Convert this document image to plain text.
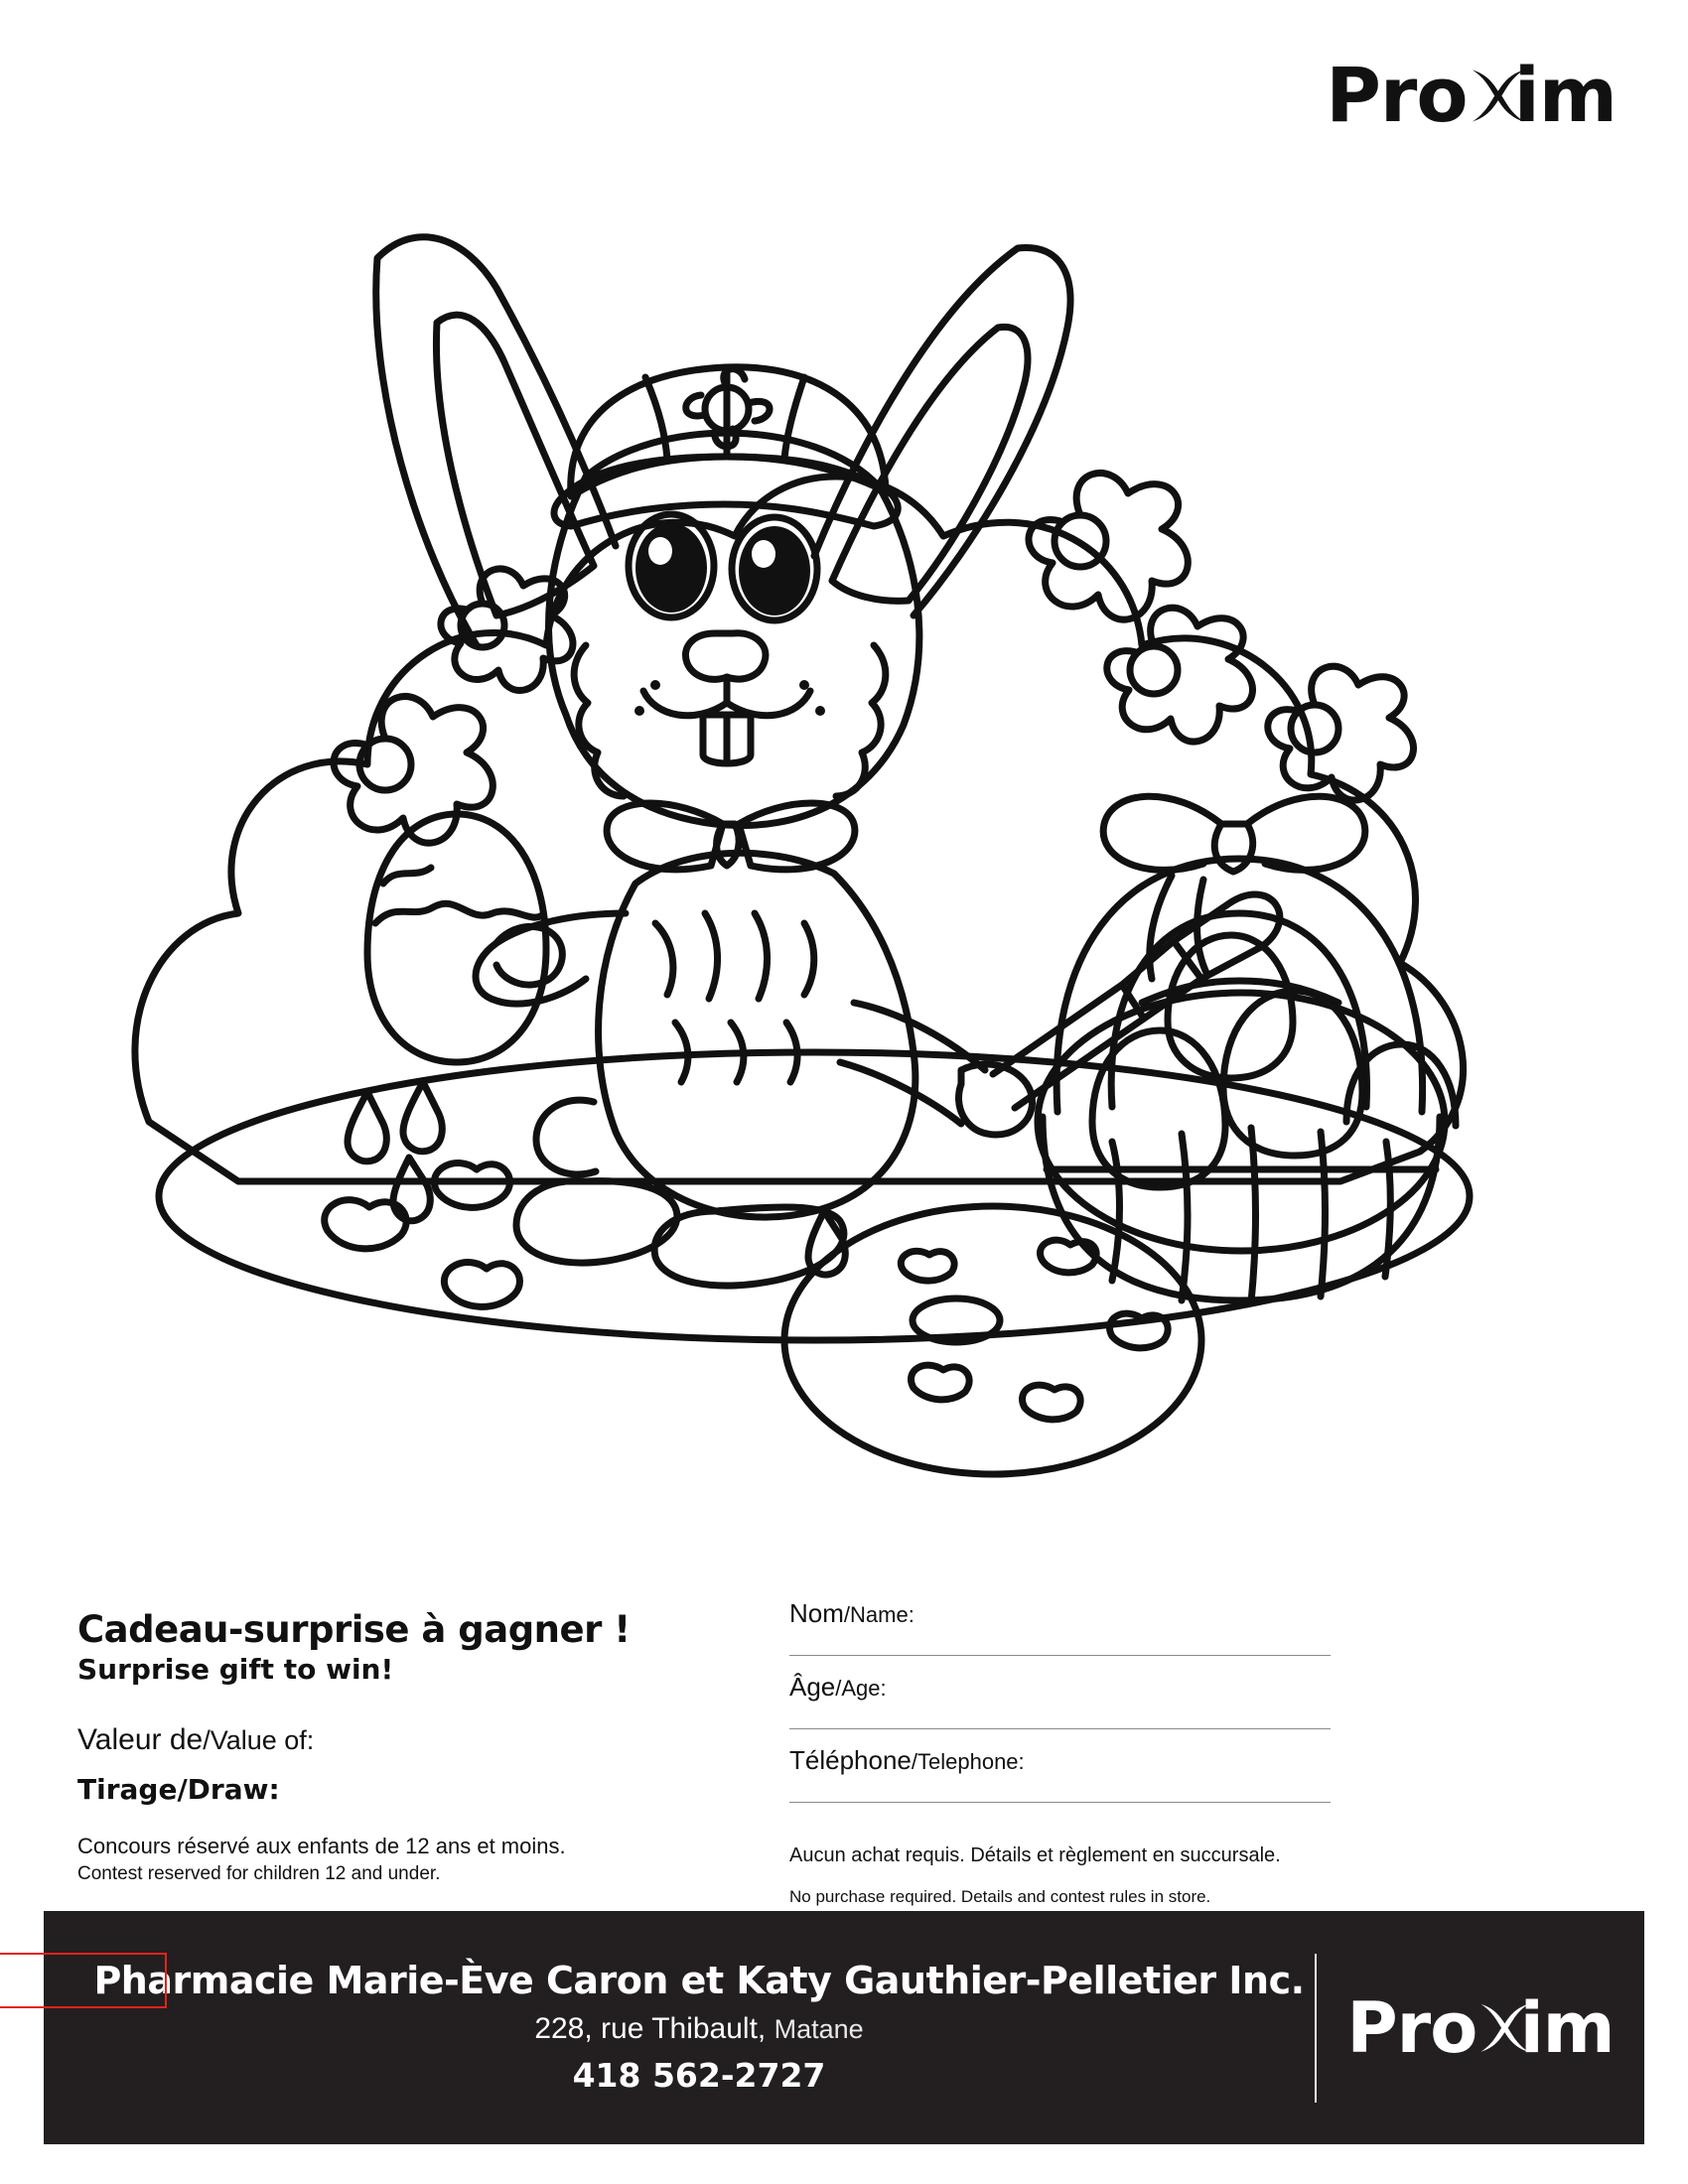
Pro im

Cadeau-surprise à gagner !

Surprise gift to win!

Valeur de/Value of:

Tirage/Draw:

Concours réservé aux enfants de 12 ans et moins.

Contest reserved for children 12 and under.

Nom/Name:
Âge/Age:
Téléphone/Telephone:

Aucun achat requis. Détails et règlement en succursale.

No purchase required. Details and contest rules in store.

Pharmacie Marie-Ève Caron et Katy Gauthier-Pelletier Inc.
228, rue Thibault, Matane
418 562-2727
Pro im
